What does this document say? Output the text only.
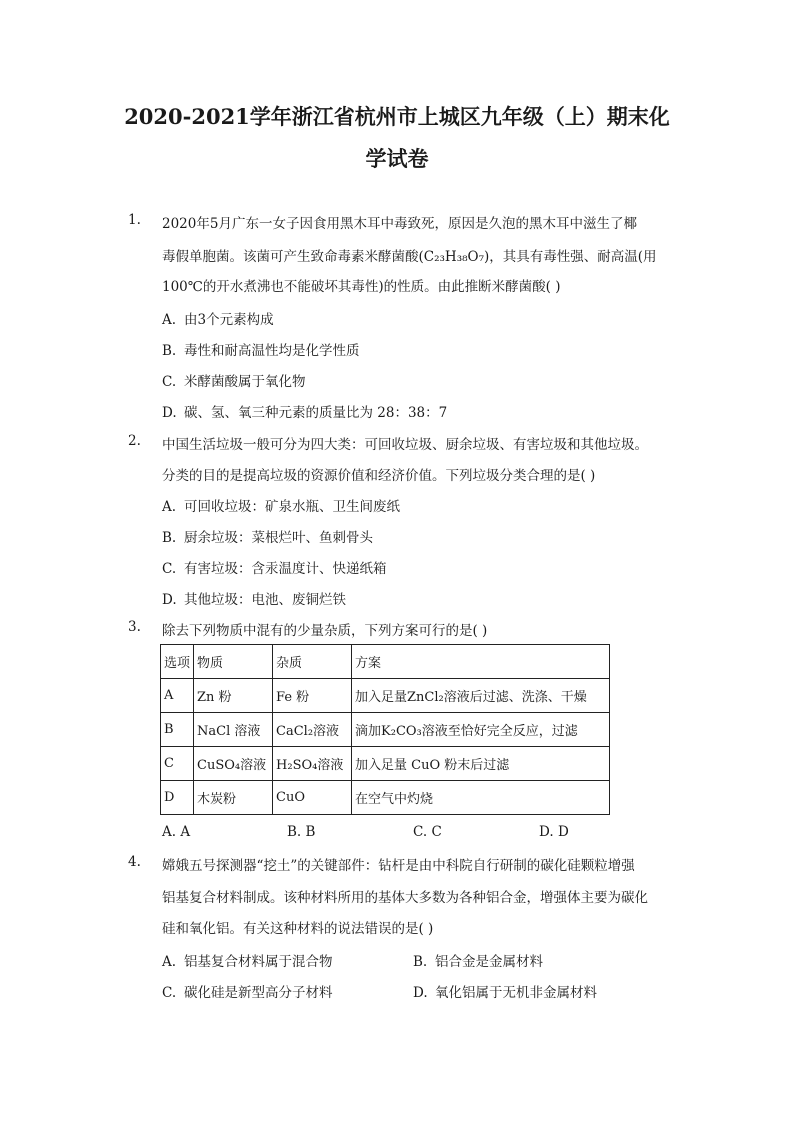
2020-2021学年浙江省杭州市上城区九年级（上）期末化
学试卷
1. 2020年5月广东一女子因食用黑木耳中毒致死，原因是久泡的黑木耳中滋生了椰
毒假单胞菌。该菌可产生致命毒素米酵菌酸(C₂₃H₃₈O₇)，其具有毒性强、耐高温(用
100℃的开水煮沸也不能破坏其毒性)的性质。由此推断米酵菌酸( )
A. 由3个元素构成
B. 毒性和耐高温性均是化学性质
C. 米酵菌酸属于氧化物
D. 碳、氢、氧三种元素的质量比为 28：38：7
2. 中国生活垃圾一般可分为四大类：可回收垃圾、厨余垃圾、有害垃圾和其他垃圾。
分类的目的是提高垃圾的资源价值和经济价值。下列垃圾分类合理的是( )
A. 可回收垃圾：矿泉水瓶、卫生间废纸
B. 厨余垃圾：菜根烂叶、鱼刺骨头
C. 有害垃圾：含汞温度计、快递纸箱
D. 其他垃圾：电池、废铜烂铁
3. 除去下列物质中混有的少量杂质，下列方案可行的是( )
选项	物质	杂质	方案
A	Zn 粉	Fe 粉	加入足量ZnCl₂溶液后过滤、洗涤、干燥
B	NaCl 溶液	CaCl₂溶液	滴加K₂CO₃溶液至恰好完全反应，过滤
C	CuSO₄溶液	H₂SO₄溶液	加入足量 CuO 粉末后过滤
D	木炭粉	CuO	在空气中灼烧
A. A	B. B	C. C	D. D
4. 嫦娥五号探测器“挖土”的关键部件：钻杆是由中科院自行研制的碳化硅颗粒增强
铝基复合材料制成。该种材料所用的基体大多数为各种铝合金，增强体主要为碳化
硅和氧化铝。有关这种材料的说法错误的是( )
A. 铝基复合材料属于混合物	B. 铝合金是金属材料
C. 碳化硅是新型高分子材料	D. 氧化铝属于无机非金属材料
